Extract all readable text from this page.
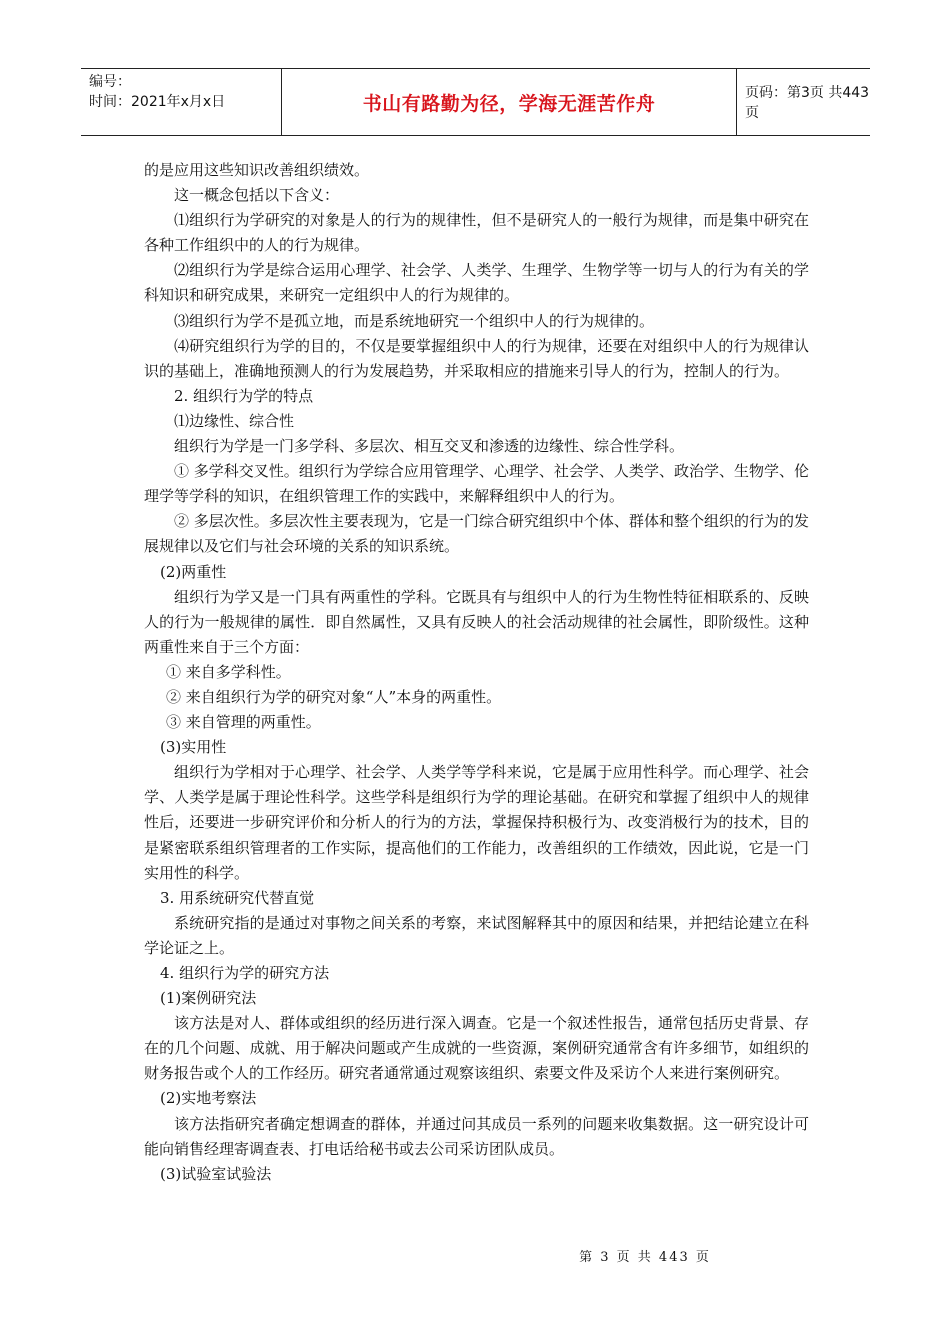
编号：
时间：2021年x月x日	书山有路勤为径，学海无涯苦作舟	页码：第3页 共443页

的是应用这些知识改善组织绩效。

这一概念包括以下含义：

⑴组织行为学研究的对象是人的行为的规律性，但不是研究人的一般行为规律，而是集中研究在各种工作组织中的人的行为规律。

⑵组织行为学是综合运用心理学、社会学、人类学、生理学、生物学等一切与人的行为有关的学科知识和研究成果，来研究一定组织中人的行为规律的。

⑶组织行为学不是孤立地，而是系统地研究一个组织中人的行为规律的。

⑷研究组织行为学的目的，不仅是要掌握组织中人的行为规律，还要在对组织中人的行为规律认识的基础上，准确地预测人的行为发展趋势，并采取相应的措施来引导人的行为，控制人的行为。

2. 组织行为学的特点

⑴边缘性、综合性

组织行为学是一门多学科、多层次、相互交叉和渗透的边缘性、综合性学科。

① 多学科交叉性。组织行为学综合应用管理学、心理学、社会学、人类学、政治学、生物学、伦理学等学科的知识，在组织管理工作的实践中，来解释组织中人的行为。

② 多层次性。多层次性主要表现为，它是一门综合研究组织中个体、群体和整个组织的行为的发展规律以及它们与社会环境的关系的知识系统。

(2)两重性

组织行为学又是一门具有两重性的学科。它既具有与组织中人的行为生物性特征相联系的、反映人的行为一般规律的属性．即自然属性，又具有反映人的社会活动规律的社会属性，即阶级性。这种两重性来自于三个方面：

① 来自多学科性。

② 来自组织行为学的研究对象“人”本身的两重性。

③ 来自管理的两重性。

(3)实用性

组织行为学相对于心理学、社会学、人类学等学科来说，它是属于应用性科学。而心理学、社会学、人类学是属于理论性科学。这些学科是组织行为学的理论基础。在研究和掌握了组织中人的规律性后，还要进一步研究评价和分析人的行为的方法，掌握保持积极行为、改变消极行为的技术，目的是紧密联系组织管理者的工作实际，提高他们的工作能力，改善组织的工作绩效，因此说，它是一门实用性的科学。

3. 用系统研究代替直觉

系统研究指的是通过对事物之间关系的考察，来试图解释其中的原因和结果，并把结论建立在科学论证之上。

4. 组织行为学的研究方法

(1)案例研究法

该方法是对人、群体或组织的经历进行深入调查。它是一个叙述性报告，通常包括历史背景、存在的几个问题、成就、用于解决问题或产生成就的一些资源，案例研究通常含有许多细节，如组织的财务报告或个人的工作经历。研究者通常通过观察该组织、索要文件及采访个人来进行案例研究。

(2)实地考察法

该方法指研究者确定想调查的群体，并通过问其成员一系列的问题来收集数据。这一研究设计可能向销售经理寄调查表、打电话给秘书或去公司采访团队成员。

(3)试验室试验法

第 3 页 共 443 页
